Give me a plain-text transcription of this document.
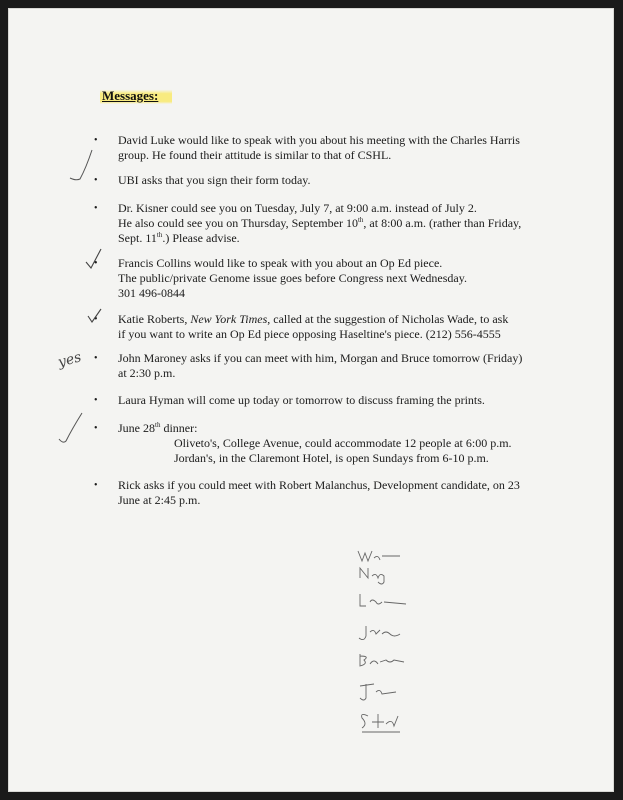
Messages:
•	David Luke would like to speak with you about his meeting with the Charles Harris
group. He found their attitude is similar to that of CSHL.
•	UBI asks that you sign their form today.
•	Dr. Kisner could see you on Tuesday, July 7, at 9:00 a.m. instead of July 2.
He also could see you on Thursday, September 10th, at 8:00 a.m. (rather than Friday,
Sept. 11th.) Please advise.
•	Francis Collins would like to speak with you about an Op Ed piece.
The public/private Genome issue goes before Congress next Wednesday.
301 496-0844
•	Katie Roberts, New York Times, called at the suggestion of Nicholas Wade, to ask
if you want to write an Op Ed piece opposing Haseltine's piece. (212) 556-4555
•	John Maroney asks if you can meet with him, Morgan and Bruce tomorrow (Friday)
at 2:30 p.m.
•	Laura Hyman will come up today or tomorrow to discuss framing the prints.
•	June 28th dinner:
Oliveto's, College Avenue, could accommodate 12 people at 6:00 p.m.
Jordan's, in the Claremont Hotel, is open Sundays from 6-10 p.m.
•	Rick asks if you could meet with Robert Malanchus, Development candidate, on 23
June at 2:45 p.m.
yes
